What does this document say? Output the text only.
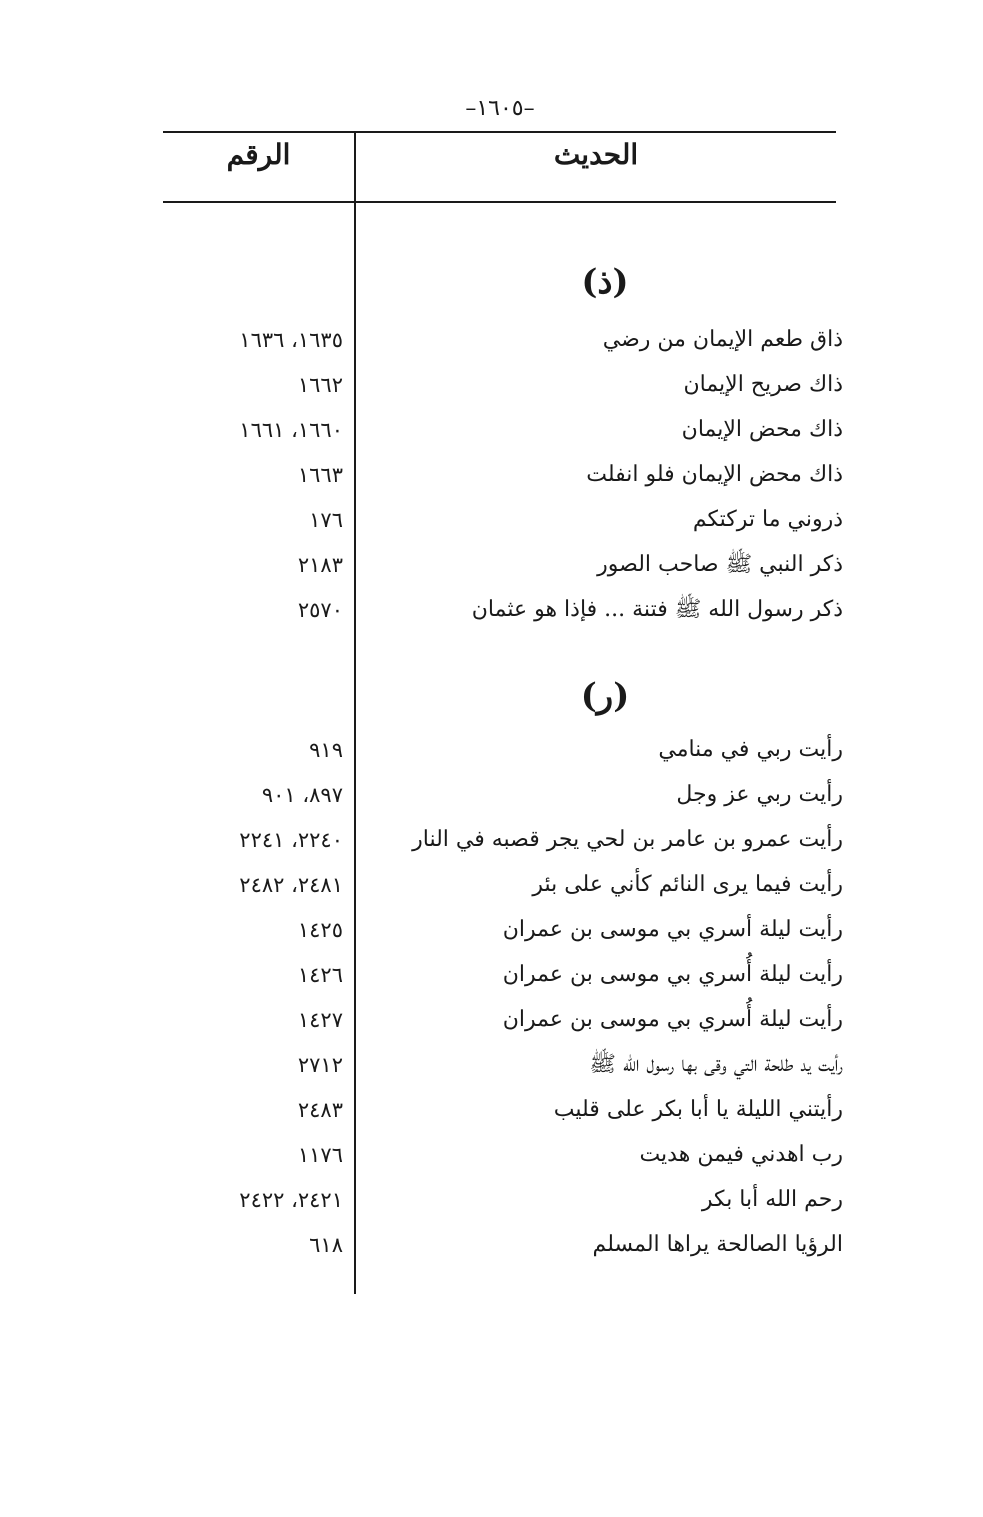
–١٦٠٥–
الحديث
الرقم
(ذ)
ذاق طعم الإيمان من رضي
١٦٣٥، ١٦٣٦
ذاك صريح الإيمان
١٦٦٢
ذاك محض الإيمان
١٦٦٠، ١٦٦١
ذاك محض الإيمان فلو انفلت
١٦٦٣
ذروني ما تركتكم
١٧٦
ذكر النبي ﷺ صاحب الصور
٢١٨٣
ذكر رسول الله ﷺ فتنة ... فإذا هو عثمان
٢٥٧٠
(ر)
رأيت ربي في منامي
٩١٩
رأيت ربي عز وجل
٨٩٧، ٩٠١
رأيت عمرو بن عامر بن لحي يجر قصبه في النار
٢٢٤٠، ٢٢٤١
رأيت فيما يرى النائم كأني على بئر
٢٤٨١، ٢٤٨٢
رأيت ليلة أسري بي موسى بن عمران
١٤٢٥
رأيت ليلة أُسري بي موسى بن عمران
١٤٢٦
رأيت ليلة أُسري بي موسى بن عمران
١٤٢٧
رأيت يد طلحة التي وقى بها رسول الله ﷺ
٢٧١٢
رأيتني الليلة يا أبا بكر على قليب
٢٤٨٣
رب اهدني فيمن هديت
١١٧٦
رحم الله أبا بكر
٢٤٢١، ٢٤٢٢
الرؤيا الصالحة يراها المسلم
٦١٨
